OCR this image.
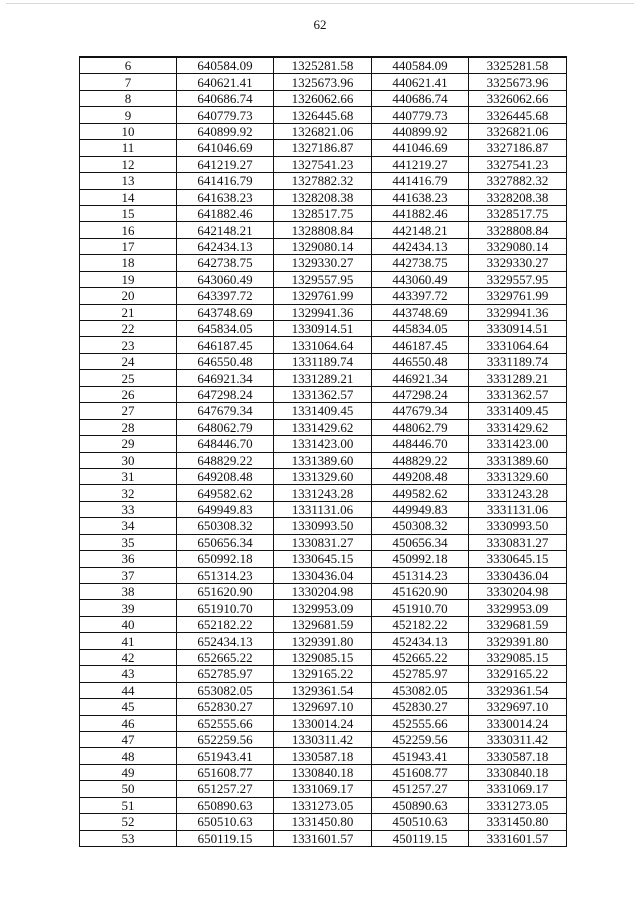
62
6	640584.09	1325281.58	440584.09	3325281.58
7	640621.41	1325673.96	440621.41	3325673.96
8	640686.74	1326062.66	440686.74	3326062.66
9	640779.73	1326445.68	440779.73	3326445.68
10	640899.92	1326821.06	440899.92	3326821.06
11	641046.69	1327186.87	441046.69	3327186.87
12	641219.27	1327541.23	441219.27	3327541.23
13	641416.79	1327882.32	441416.79	3327882.32
14	641638.23	1328208.38	441638.23	3328208.38
15	641882.46	1328517.75	441882.46	3328517.75
16	642148.21	1328808.84	442148.21	3328808.84
17	642434.13	1329080.14	442434.13	3329080.14
18	642738.75	1329330.27	442738.75	3329330.27
19	643060.49	1329557.95	443060.49	3329557.95
20	643397.72	1329761.99	443397.72	3329761.99
21	643748.69	1329941.36	443748.69	3329941.36
22	645834.05	1330914.51	445834.05	3330914.51
23	646187.45	1331064.64	446187.45	3331064.64
24	646550.48	1331189.74	446550.48	3331189.74
25	646921.34	1331289.21	446921.34	3331289.21
26	647298.24	1331362.57	447298.24	3331362.57
27	647679.34	1331409.45	447679.34	3331409.45
28	648062.79	1331429.62	448062.79	3331429.62
29	648446.70	1331423.00	448446.70	3331423.00
30	648829.22	1331389.60	448829.22	3331389.60
31	649208.48	1331329.60	449208.48	3331329.60
32	649582.62	1331243.28	449582.62	3331243.28
33	649949.83	1331131.06	449949.83	3331131.06
34	650308.32	1330993.50	450308.32	3330993.50
35	650656.34	1330831.27	450656.34	3330831.27
36	650992.18	1330645.15	450992.18	3330645.15
37	651314.23	1330436.04	451314.23	3330436.04
38	651620.90	1330204.98	451620.90	3330204.98
39	651910.70	1329953.09	451910.70	3329953.09
40	652182.22	1329681.59	452182.22	3329681.59
41	652434.13	1329391.80	452434.13	3329391.80
42	652665.22	1329085.15	452665.22	3329085.15
43	652785.97	1329165.22	452785.97	3329165.22
44	653082.05	1329361.54	453082.05	3329361.54
45	652830.27	1329697.10	452830.27	3329697.10
46	652555.66	1330014.24	452555.66	3330014.24
47	652259.56	1330311.42	452259.56	3330311.42
48	651943.41	1330587.18	451943.41	3330587.18
49	651608.77	1330840.18	451608.77	3330840.18
50	651257.27	1331069.17	451257.27	3331069.17
51	650890.63	1331273.05	450890.63	3331273.05
52	650510.63	1331450.80	450510.63	3331450.80
53	650119.15	1331601.57	450119.15	3331601.57
